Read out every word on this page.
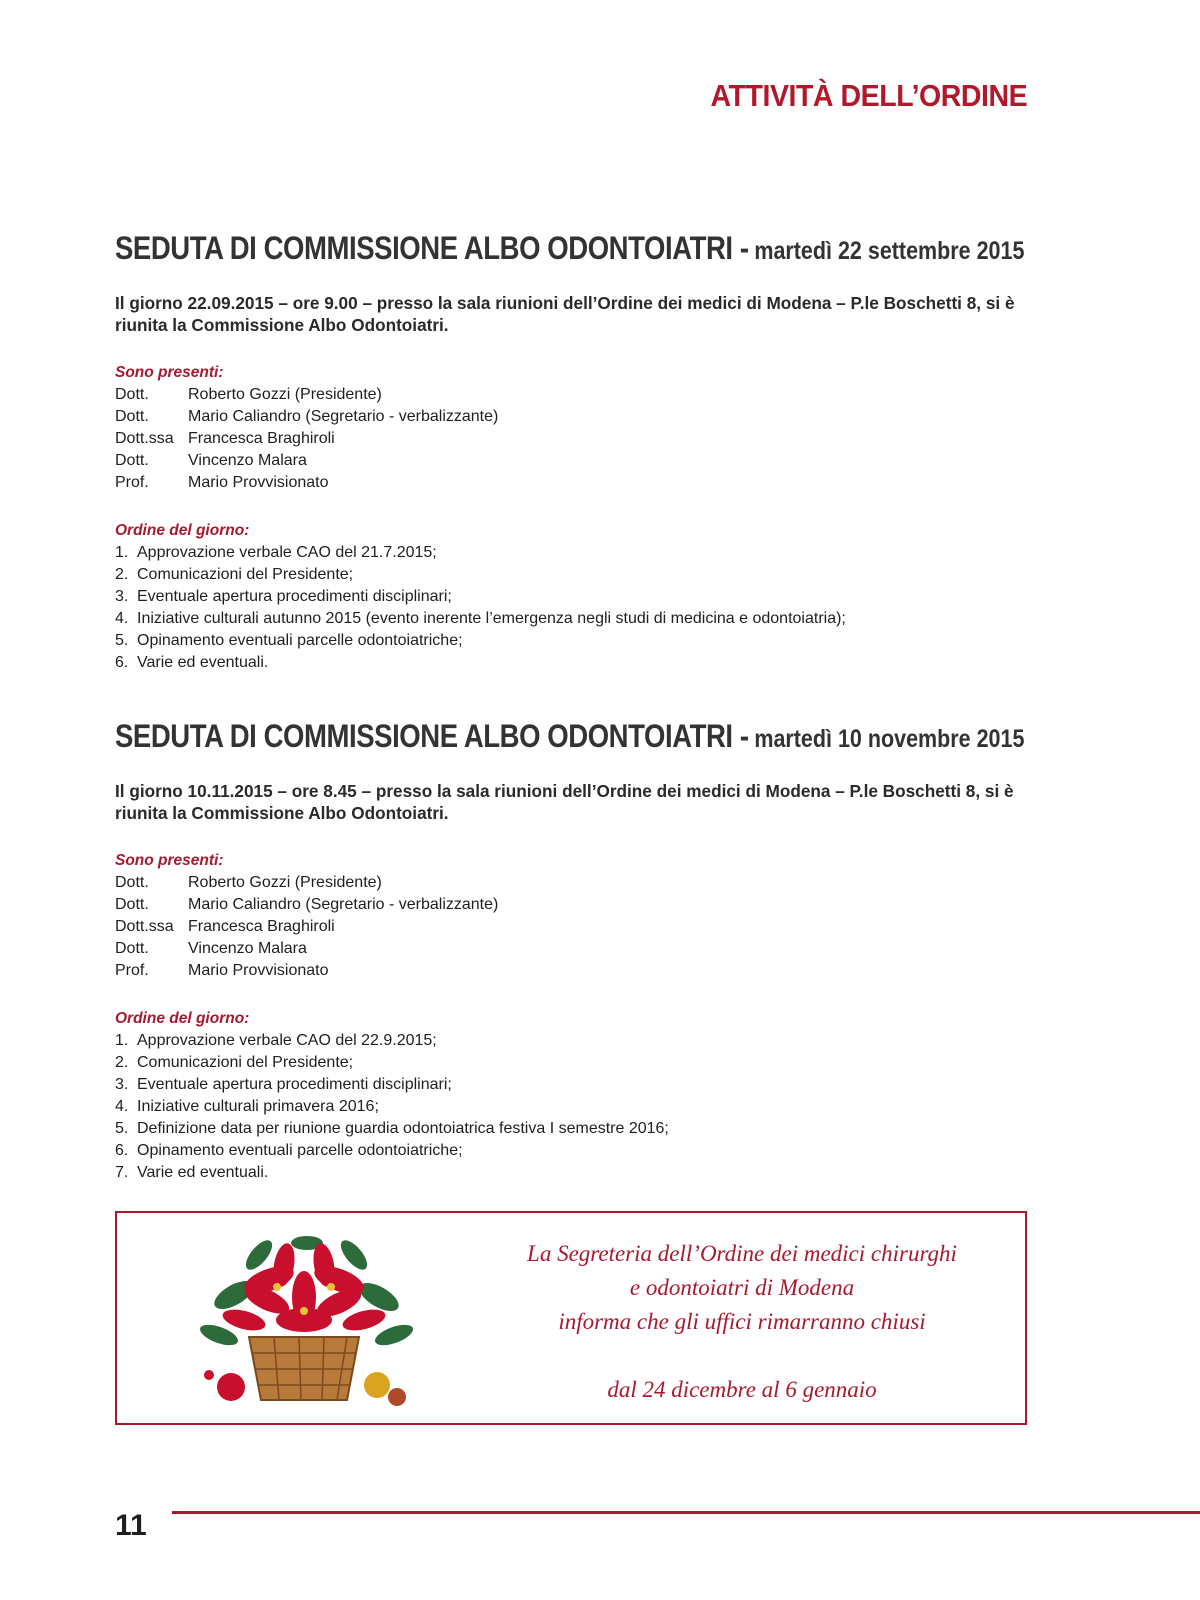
ATTIVITÀ DELL’ORDINE
SEDUTA DI COMMISSIONE ALBO ODONTOIATRI - martedì 22 settembre 2015

Il giorno 22.09.2015 – ore 9.00 – presso la sala riunioni dell’Ordine dei medici di Modena – P.le Boschetti 8, si è riunita la Commissione Albo Odontoiatri.

Sono presenti:

Dott.	Roberto Gozzi (Presidente)
Dott.	Mario Caliandro (Segretario - verbalizzante)
Dott.ssa Francesca Braghiroli
Dott.	Vincenzo Malara
Prof.	Mario Provvisionato

Ordine del giorno:

1. Approvazione verbale CAO del 21.7.2015;
2. Comunicazioni del Presidente;
3. Eventuale apertura procedimenti disciplinari;
4. Iniziative culturali autunno 2015 (evento inerente l’emergenza negli studi di medicina e odontoiatria);
5. Opinamento eventuali parcelle odontoiatriche;
6. Varie ed eventuali.
SEDUTA DI COMMISSIONE ALBO ODONTOIATRI - martedì 10 novembre 2015

Il giorno 10.11.2015 – ore 8.45 – presso la sala riunioni dell’Ordine dei medici di Modena – P.le Boschetti 8, si è riunita la Commissione Albo Odontoiatri.

Sono presenti:

Dott.	Roberto Gozzi (Presidente)
Dott.	Mario Caliandro (Segretario - verbalizzante)
Dott.ssa Francesca Braghiroli
Dott.	Vincenzo Malara
Prof.	Mario Provvisionato

Ordine del giorno:

1. Approvazione verbale CAO del 22.9.2015;
2. Comunicazioni del Presidente;
3. Eventuale apertura procedimenti disciplinari;
4. Iniziative culturali primavera 2016;
5. Definizione data per riunione guardia odontoiatrica festiva I semestre 2016;
6. Opinamento eventuali parcelle odontoiatriche;
7. Varie ed eventuali.
La Segreteria dell’Ordine dei medici chirurghi
e odontoiatri di Modena
informa che gli uffici rimarranno chiusi
dal 24 dicembre al 6 gennaio
11
